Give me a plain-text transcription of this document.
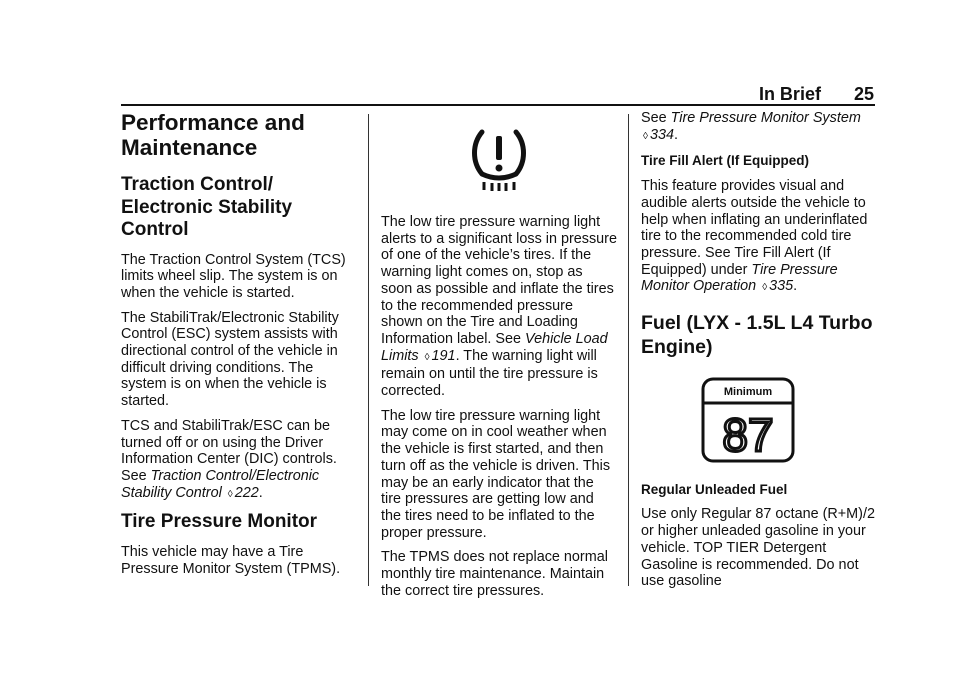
In Brief 25
Performance and Maintenance
Traction Control/ Electronic Stability Control

The Traction Control System (TCS) limits wheel slip. The system is on when the vehicle is started.

The StabiliTrak/Electronic Stability Control (ESC) system assists with directional control of the vehicle in difficult driving conditions. The system is on when the vehicle is started.

TCS and StabiliTrak/ESC can be turned off or on using the Driver Information Center (DIC) controls. See Traction Control/Electronic Stability Control ◊ 222.

Tire Pressure Monitor

This vehicle may have a Tire Pressure Monitor System (TPMS).

The low tire pressure warning light alerts to a significant loss in pressure of one of the vehicle’s tires. If the warning light comes on, stop as soon as possible and inflate the tires to the recommended pressure shown on the Tire and Loading Information label. See Vehicle Load Limits ◊ 191. The warning light will remain on until the tire pressure is corrected.

The low tire pressure warning light may come on in cool weather when the vehicle is first started, and then turn off as the vehicle is driven. This may be an early indicator that the tire pressures are getting low and the tires need to be inflated to the proper pressure.

The TPMS does not replace normal monthly tire maintenance. Maintain the correct tire pressures.

See Tire Pressure Monitor System
◊ 334.

Tire Fill Alert (If Equipped)

This feature provides visual and audible alerts outside the vehicle to help when inflating an underinflated tire to the recommended cold tire pressure. See Tire Fill Alert (If Equipped) under Tire Pressure Monitor Operation ◊ 335.

Fuel (LYX - 1.5L L4 Turbo Engine)
Minimum
87
Regular Unleaded Fuel

Use only Regular 87 octane (R+M)/2 or higher unleaded gasoline in your vehicle. TOP TIER Detergent Gasoline is recommended. Do not use gasoline
